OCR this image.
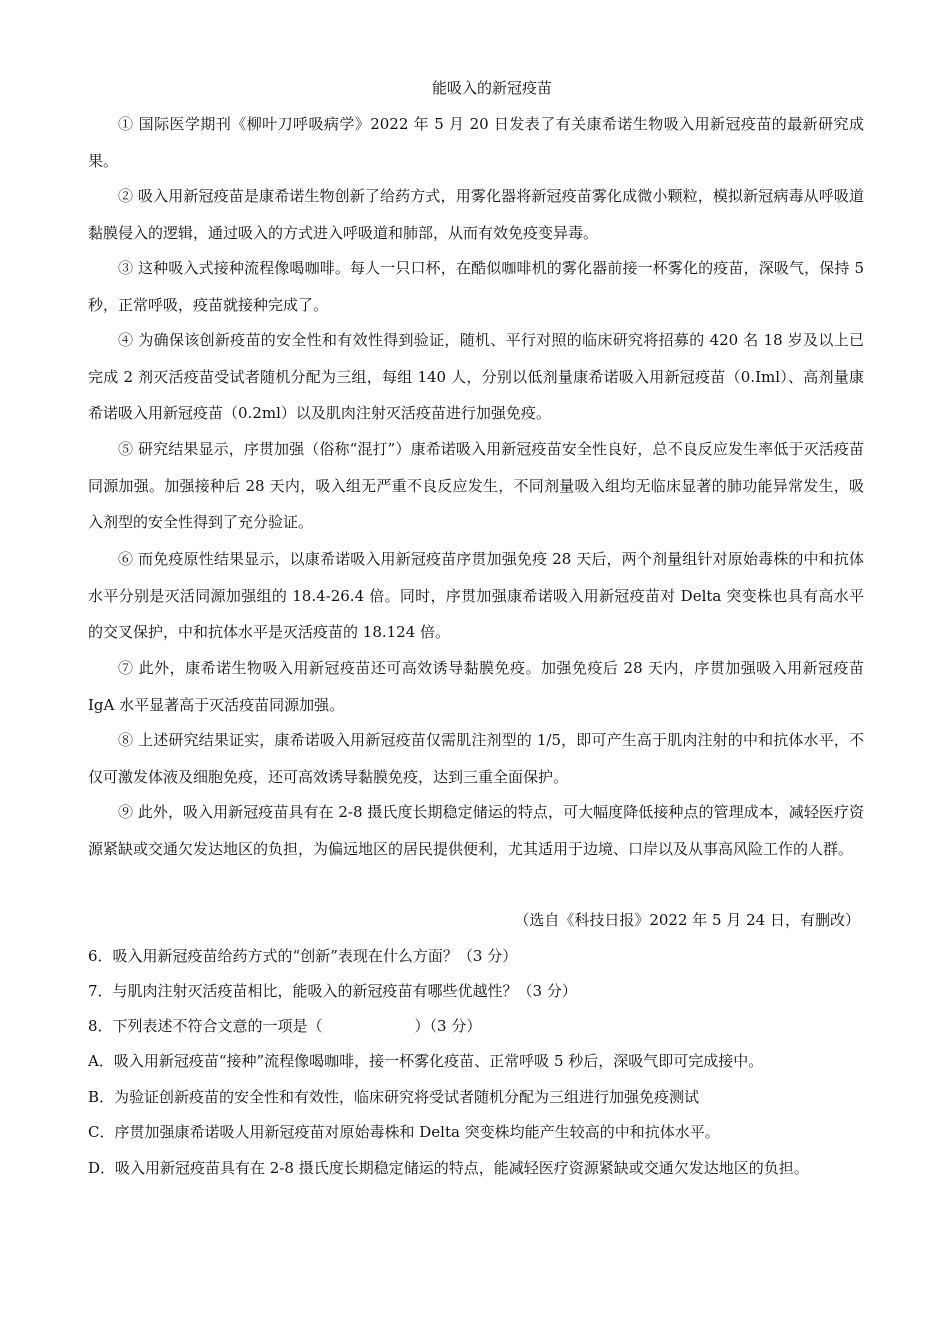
能吸入的新冠疫苗
① 国际医学期刊《柳叶刀呼吸病学》2022 年 5 月 20 日发表了有关康希诺生物吸入用新冠疫苗的最新研究成果。
② 吸入用新冠疫苗是康希诺生物创新了给药方式，用雾化器将新冠疫苗雾化成微小颗粒，模拟新冠病毒从呼吸道黏膜侵入的逻辑，通过吸入的方式进入呼吸道和肺部，从而有效免疫变异毒。
③ 这种吸入式接种流程像喝咖啡。每人一只口杯，在酷似咖啡机的雾化器前接一杯雾化的疫苗，深吸气，保持 5 秒，正常呼吸，疫苗就接种完成了。
④ 为确保该创新疫苗的安全性和有效性得到验证，随机、平行对照的临床研究将招募的 420 名 18 岁及以上已完成 2 剂灭活疫苗受试者随机分配为三组，每组 140 人，分别以低剂量康希诺吸入用新冠疫苗（0.Iml）、高剂量康希诺吸入用新冠疫苗（0.2ml）以及肌肉注射灭活疫苗进行加强免疫。
⑤ 研究结果显示，序贯加强（俗称“混打”）康希诺吸入用新冠疫苗安全性良好，总不良反应发生率低于灭活疫苗同源加强。加强接种后 28 天内，吸入组无严重不良反应发生，不同剂量吸入组均无临床显著的肺功能异常发生，吸入剂型的安全性得到了充分验证。
⑥ 而免疫原性结果显示，以康希诺吸入用新冠疫苗序贯加强免疫 28 天后，两个剂量组针对原始毒株的中和抗体水平分别是灭活同源加强组的 18.4-26.4 倍。同时，序贯加强康希诺吸入用新冠疫苗对 Delta 突变株也具有高水平的交叉保护，中和抗体水平是灭活疫苗的 18.124 倍。
⑦ 此外，康希诺生物吸入用新冠疫苗还可高效诱导黏膜免疫。加强免疫后 28 天内，序贯加强吸入用新冠疫苗 IgA 水平显著高于灭活疫苗同源加强。
⑧ 上述研究结果证实，康希诺吸入用新冠疫苗仅需肌注剂型的 1/5，即可产生高于肌肉注射的中和抗体水平，不仅可激发体液及细胞免疫，还可高效诱导黏膜免疫，达到三重全面保护。
⑨ 此外，吸入用新冠疫苗具有在 2-8 摄氏度长期稳定储运的特点，可大幅度降低接种点的管理成本，减轻医疗资源紧缺或交通欠发达地区的负担，为偏远地区的居民提供便利，尤其适用于边境、口岸以及从事高风险工作的人群。
（选自《科技日报》2022 年 5 月 24 日，有删改）
6．吸入用新冠疫苗给药方式的“创新”表现在什么方面？（3 分）
7．与肌肉注射灭活疫苗相比，能吸入的新冠疫苗有哪些优越性？（3 分）
8．下列表述不符合文意的一项是（	）（3 分）
A．吸入用新冠疫苗“接种”流程像喝咖啡，接一杯雾化疫苗、正常呼吸 5 秒后，深吸气即可完成接中。
B．为验证创新疫苗的安全性和有效性，临床研究将受试者随机分配为三组进行加强免疫测试
C．序贯加强康希诺吸人用新冠疫苗对原始毒株和 Delta 突变株均能产生较高的中和抗体水平。
D．吸入用新冠疫苗具有在 2-8 摄氏度长期稳定储运的特点，能减轻医疗资源紧缺或交通欠发达地区的负担。
